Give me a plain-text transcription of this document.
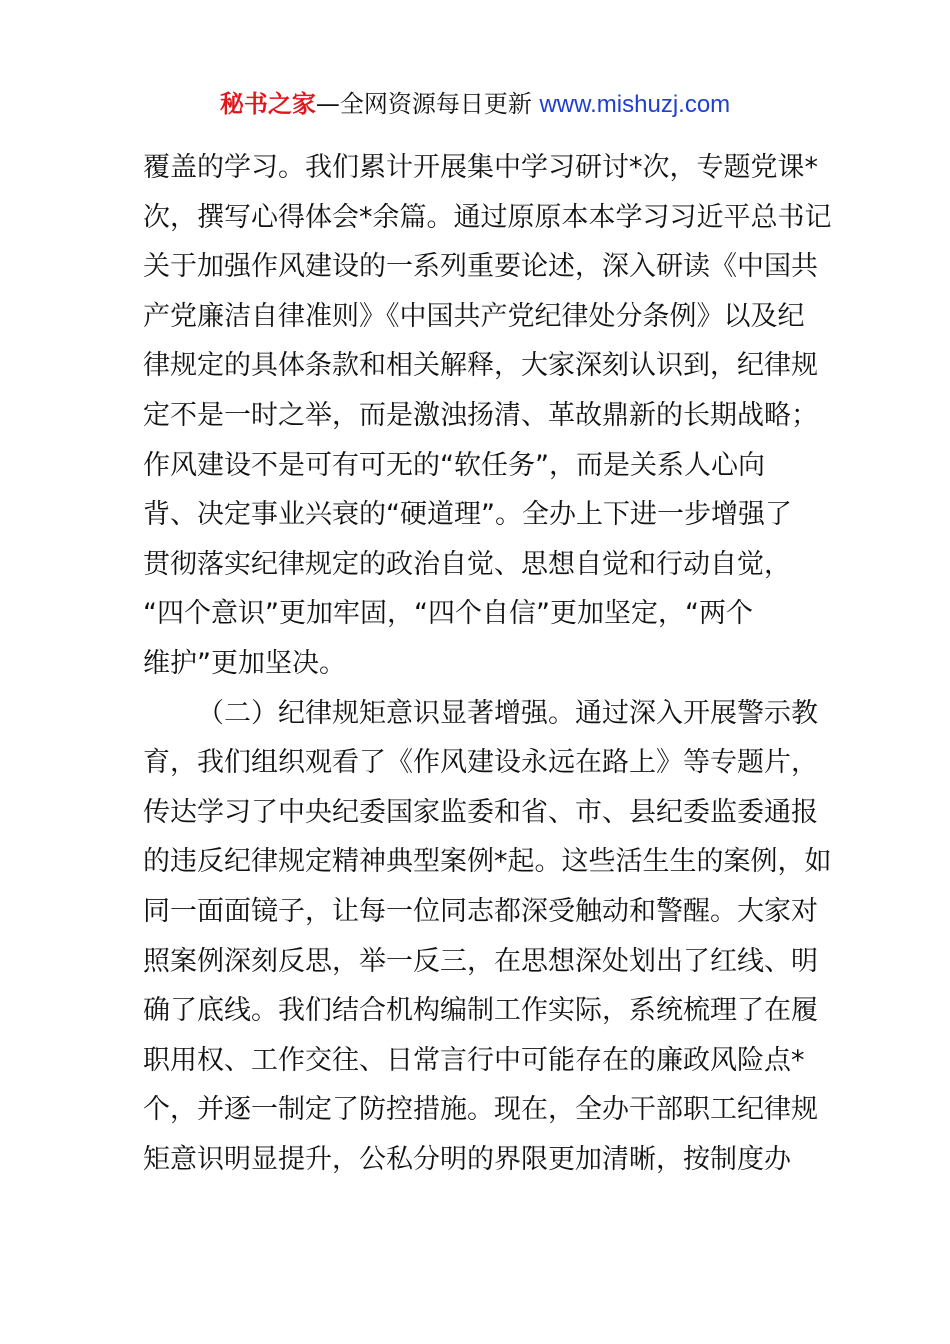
秘书之家—全网资源每日更新 www.mishuzj.com
覆盖的学习。我们累计开展集中学习研讨*次，专题党课*
次，撰写心得体会*余篇。通过原原本本学习习近平总书记
关于加强作风建设的一系列重要论述，深入研读《中国共
产党廉洁自律准则》《中国共产党纪律处分条例》以及纪
律规定的具体条款和相关解释，大家深刻认识到，纪律规
定不是一时之举，而是激浊扬清、革故鼎新的长期战略；
作风建设不是可有可无的“软任务”，而是关系人心向
背、决定事业兴衰的“硬道理”。全办上下进一步增强了
贯彻落实纪律规定的政治自觉、思想自觉和行动自觉，
“四个意识”更加牢固，“四个自信”更加坚定，“两个
维护”更加坚决。
（二）纪律规矩意识显著增强。通过深入开展警示教
育，我们组织观看了《作风建设永远在路上》等专题片，
传达学习了中央纪委国家监委和省、市、县纪委监委通报
的违反纪律规定精神典型案例*起。这些活生生的案例，如
同一面面镜子，让每一位同志都深受触动和警醒。大家对
照案例深刻反思，举一反三，在思想深处划出了红线、明
确了底线。我们结合机构编制工作实际，系统梳理了在履
职用权、工作交往、日常言行中可能存在的廉政风险点*
个，并逐一制定了防控措施。现在，全办干部职工纪律规
矩意识明显提升，公私分明的界限更加清晰，按制度办
